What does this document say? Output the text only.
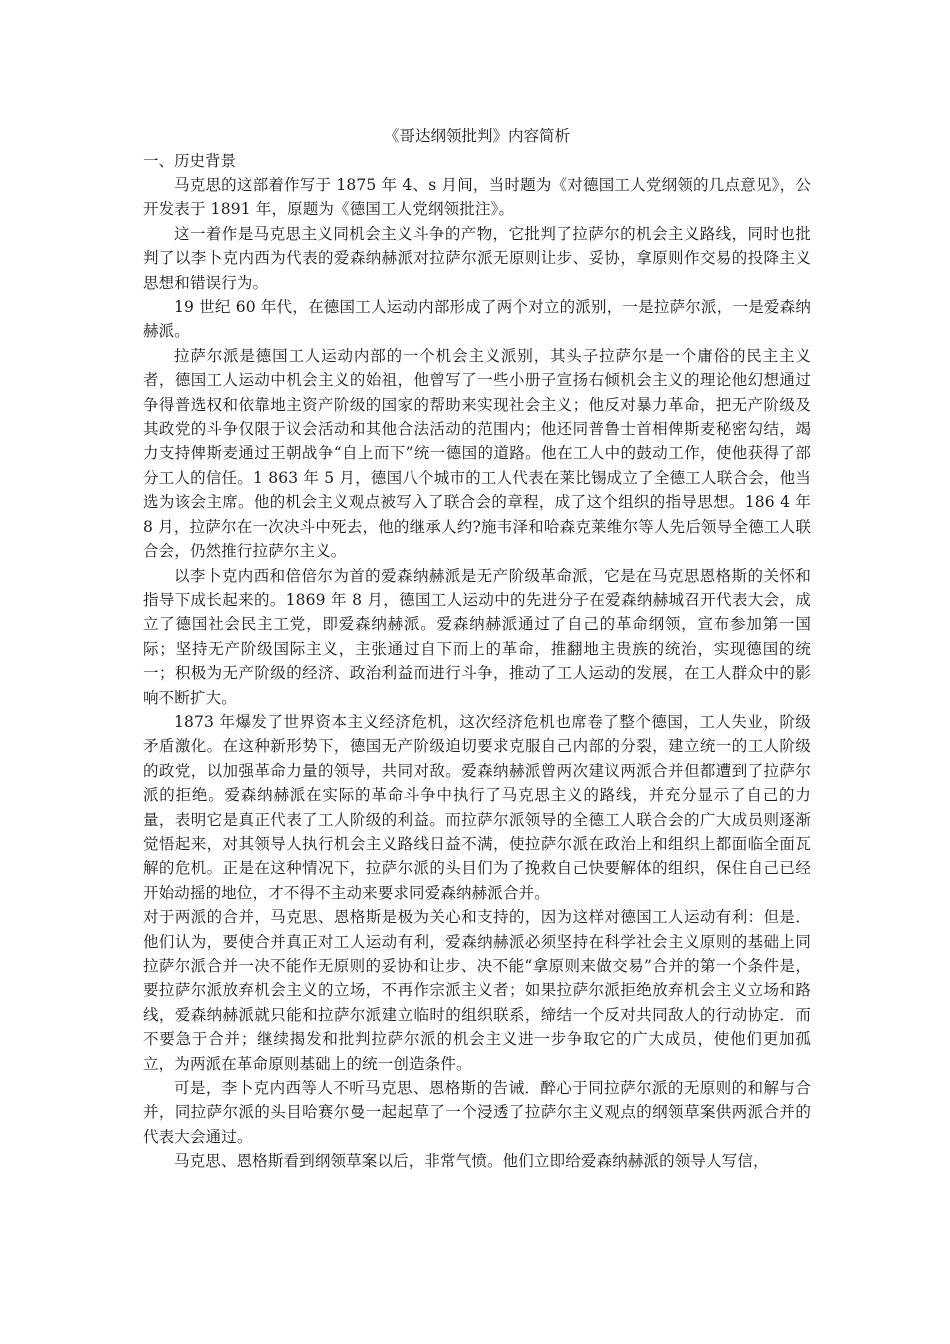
《哥达纲领批判》内容简析
一、历史背景

马克思的这部着作写于 1875 年 4、s 月间，当时题为《对德国工人党纲领的几点意见》，公开发表于 1891 年，原题为《德国工人党纲领批注》。

这一着作是马克思主义同机会主义斗争的产物，它批判了拉萨尔的机会主义路线，同时也批判了以李卜克内西为代表的爱森纳赫派对拉萨尔派无原则让步、妥协，拿原则作交易的投降主义思想和错误行为。

19 世纪 60 年代，在德国工人运动内部形成了两个对立的派别，一是拉萨尔派，一是爱森纳赫派。

拉萨尔派是德国工人运动内部的一个机会主义派别，其头子拉萨尔是一个庸俗的民主主义者，德国工人运动中机会主义的始祖，他曾写了一些小册子宣扬右倾机会主义的理论他幻想通过争得普选权和依靠地主资产阶级的国家的帮助来实现社会主义；他反对暴力革命，把无产阶级及其政党的斗争仅限于议会活动和其他合法活动的范围内；他还同普鲁士首相俾斯麦秘密勾结，竭力支持俾斯麦通过王朝战争“自上而下”统一德国的道路。他在工人中的鼓动工作，使他获得了部分工人的信任。1 863 年 5 月，德国八个城市的工人代表在莱比锡成立了全德工人联合会，他当选为该会主席。他的机会主义观点被写入了联合会的章程，成了这个组织的指导思想。186 4 年 8 月，拉萨尔在一次决斗中死去，他的继承人约?施韦泽和哈森克莱维尔等人先后领导全德工人联合会，仍然推行拉萨尔主义。

以李卜克内西和倍倍尔为首的爱森纳赫派是无产阶级革命派，它是在马克思恩格斯的关怀和指导下成长起来的。1869 年 8 月，德国工人运动中的先进分子在爱森纳赫城召开代表大会，成立了德国社会民主工党，即爱森纳赫派。爱森纳赫派通过了自己的革命纲领，宣布参加第一国际；坚持无产阶级国际主义，主张通过自下而上的革命，推翻地主贵族的统治，实现德国的统一；积极为无产阶级的经济、政治利益而进行斗争，推动了工人运动的发展，在工人群众中的影响不断扩大。

1873 年爆发了世界资本主义经济危机，这次经济危机也席卷了整个德国，工人失业，阶级矛盾激化。在这种新形势下，德国无产阶级迫切要求克服自己内部的分裂，建立统一的工人阶级的政党，以加强革命力量的领导，共同对敌。爱森纳赫派曾两次建议两派合并但都遭到了拉萨尔派的拒绝。爱森纳赫派在实际的革命斗争中执行了马克思主义的路线，并充分显示了自己的力量，表明它是真正代表了工人阶级的利益。而拉萨尔派领导的全德工人联合会的广大成员则逐渐觉悟起来，对其领导人执行机会主义路线日益不满，使拉萨尔派在政治上和组织上都面临全面瓦解的危机。正是在这种情况下，拉萨尔派的头目们为了挽救自己快要解体的组织，保住自己已经开始动摇的地位，才不得不主动来要求同爱森纳赫派合并。

对于两派的合并，马克思、恩格斯是极为关心和支持的，因为这样对德国工人运动有利：但是．他们认为，要使合并真正对工人运动有利，爱森纳赫派必须坚持在科学社会主义原则的基础上同拉萨尔派合并一决不能作无原则的妥协和让步、决不能“拿原则来做交易”合并的第一个条件是，要拉萨尔派放弃机会主义的立场，不再作宗派主义者；如果拉萨尔派拒绝放弃机会主义立场和路线，爱森纳赫派就只能和拉萨尔派建立临时的组织联系，缔结一个反对共同敌人的行动协定．而不要急于合并；继续揭发和批判拉萨尔派的机会主义进一步争取它的广大成员，使他们更加孤立，为两派在革命原则基础上的统一创造条件。

可是，李卜克内西等人不听马克思、恩格斯的告诫．醉心于同拉萨尔派的无原则的和解与合并，同拉萨尔派的头目哈赛尔曼一起起草了一个浸透了拉萨尔主义观点的纲领草案供两派合并的代表大会通过。

马克思、恩格斯看到纲领草案以后，非常气愤。他们立即给爱森纳赫派的领导人写信，
